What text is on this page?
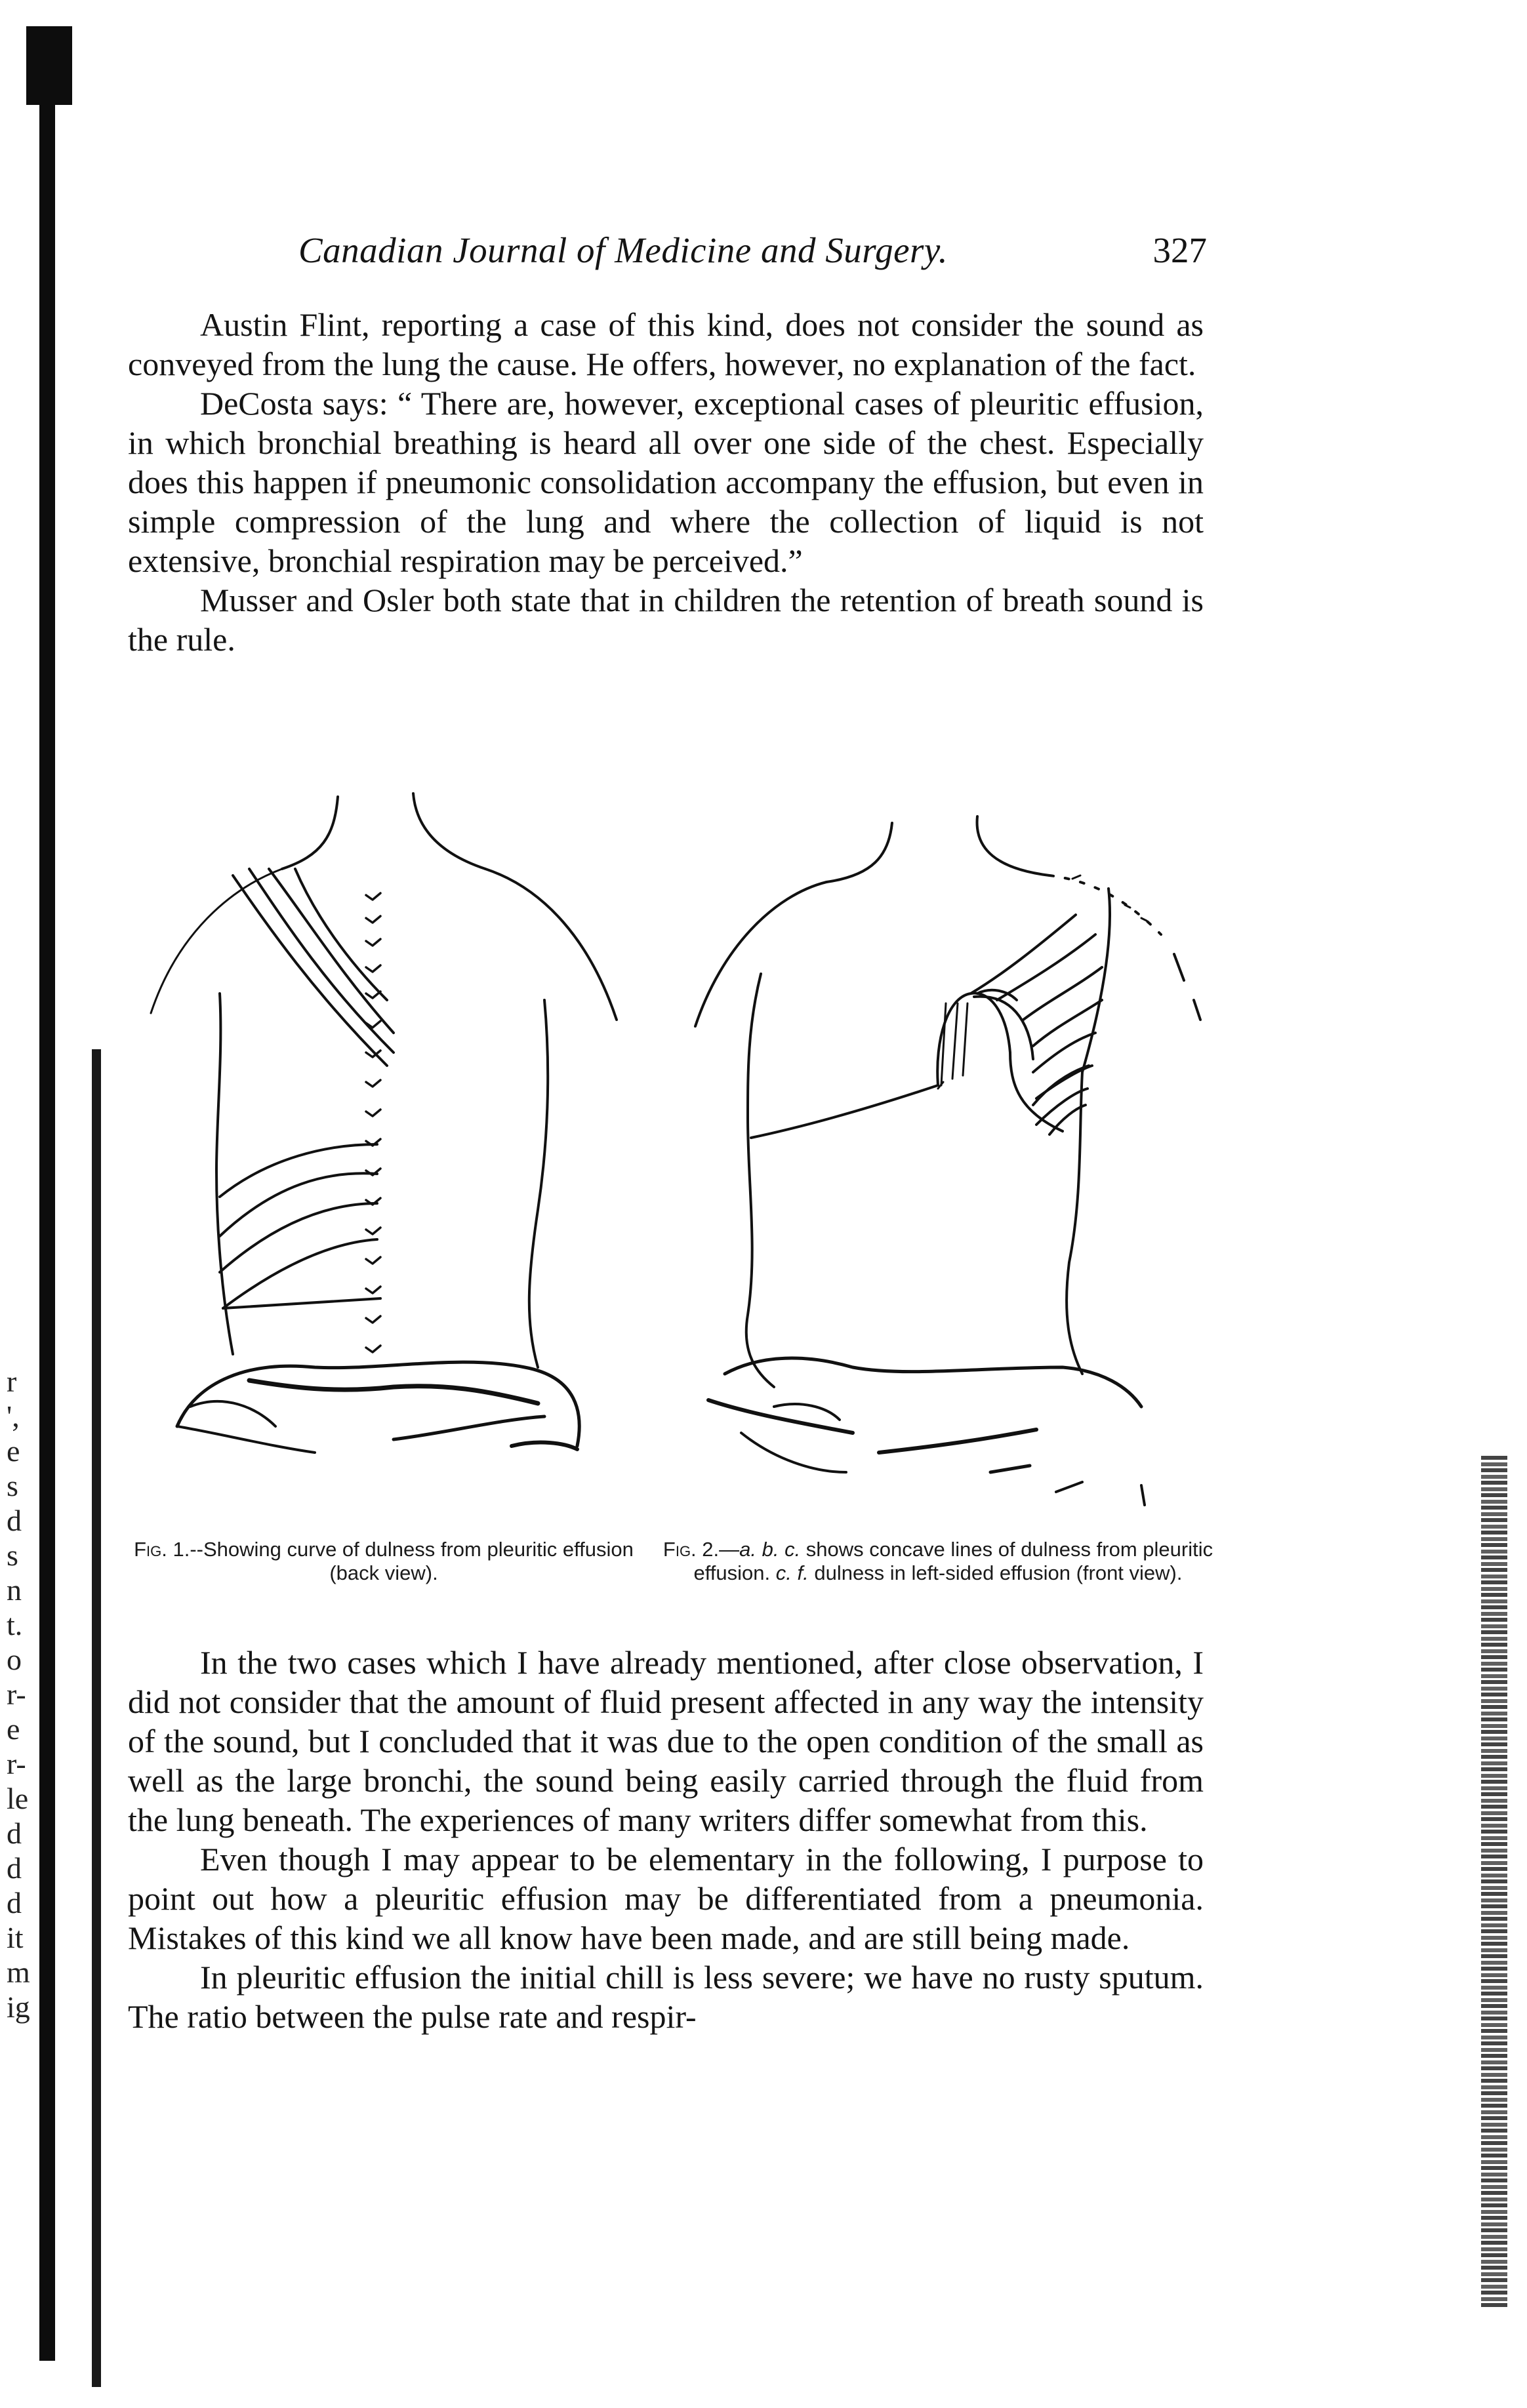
r
',
e
s
d
s
n
t.
o
r-
e
r-
le
d
d
d
it
m
ig
Canadian Journal of Medicine and Surgery.	327

Austin Flint, reporting a case of this kind, does not consider the sound as conveyed from the lung the cause. He offers, however, no explanation of the fact.

DeCosta says: “ There are, however, exceptional cases of pleuritic effusion, in which bronchial breathing is heard all over one side of the chest. Especially does this happen if pneumonic consolidation accompany the effusion, but even in simple compression of the lung and where the collection of liquid is not extensive, bronchial respiration may be perceived.”

Musser and Osler both state that in children the retention of breath sound is the rule.

Fig. 1.--Showing curve of dulness from pleuritic effusion (back view).
Fig. 2.—a. b. c. shows concave lines of dulness from pleuritic effusion. c. f. dulness in left-sided effusion (front view).

In the two cases which I have already mentioned, after close observation, I did not consider that the amount of fluid present affected in any way the intensity of the sound, but I concluded that it was due to the open condition of the small as well as the large bronchi, the sound being easily carried through the fluid from the lung beneath. The experiences of many writers differ somewhat from this.

Even though I may appear to be elementary in the following, I purpose to point out how a pleuritic effusion may be differentiated from a pneumonia. Mistakes of this kind we all know have been made, and are still being made.

In pleuritic effusion the initial chill is less severe; we have no rusty sputum. The ratio between the pulse rate and respir-
